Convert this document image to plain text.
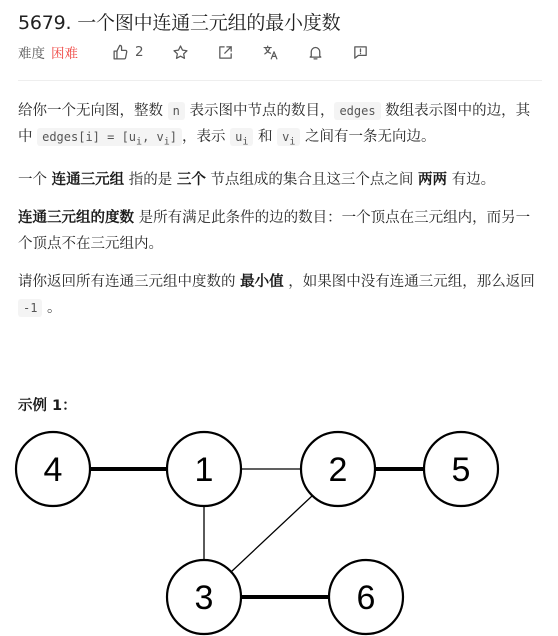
5679. 一个图中连通三元组的最小度数
难度 困难	2

给你一个无向图，整数 n 表示图中节点的数目， edges 数组表示图中的边，其中 edges[i] = [$u_i$, $v_i$] ，表示 $u_i$ 和 $v_i$ 之间有一条无向边。

一个 连通三元组 指的是 三个 节点组成的集合且这三个点之间 两两 有边。

连通三元组的度数 是所有满足此条件的边的数目：一个顶点在三元组内，而另一个顶点不在三元组内。

请你返回所有连通三元组中度数的 最小值 ，如果图中没有连通三元组，那么返回 -1 。

示例 1：
4	1	2	5
3	6
